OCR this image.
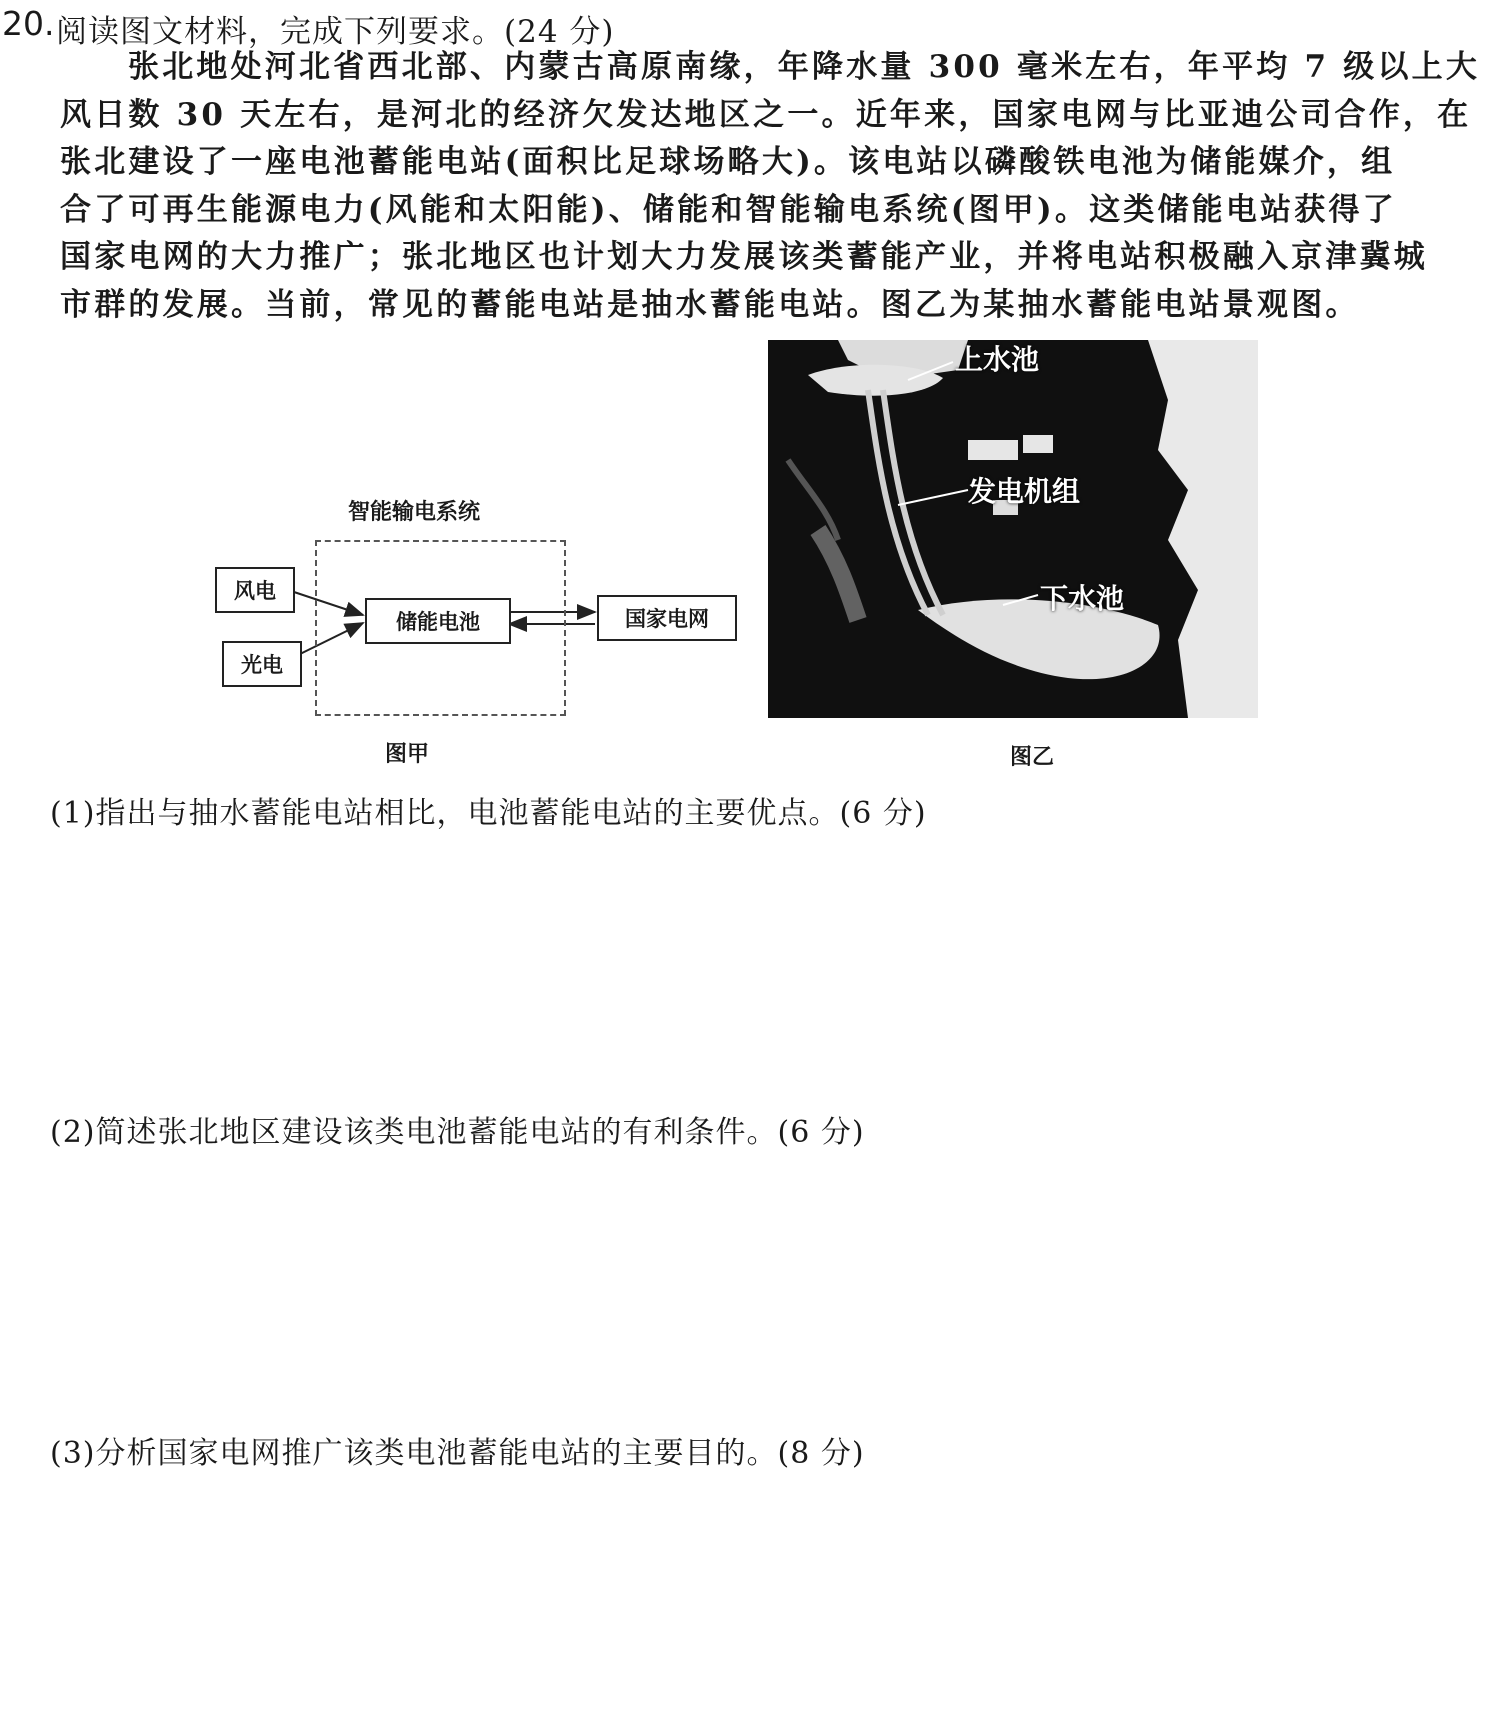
20. 阅读图文材料，完成下列要求。(24 分)

张北地处河北省西北部、内蒙古高原南缘，年降水量 300 毫米左右，年平均 7 级以上大

风日数 30 天左右，是河北的经济欠发达地区之一。近年来，国家电网与比亚迪公司合作，在

张北建设了一座电池蓄能电站(面积比足球场略大)。该电站以磷酸铁电池为储能媒介，组

合了可再生能源电力(风能和太阳能)、储能和智能输电系统(图甲)。这类储能电站获得了

国家电网的大力推广；张北地区也计划大力发展该类蓄能产业，并将电站积极融入京津冀城

市群的发展。当前，常见的蓄能电站是抽水蓄能电站。图乙为某抽水蓄能电站景观图。

智能输电系统
风电
光电
储能电池	国家电网
图甲
上水池
发电机组
下水池
图乙
(1)指出与抽水蓄能电站相比，电池蓄能电站的主要优点。(6 分)
(2)简述张北地区建设该类电池蓄能电站的有利条件。(6 分)
(3)分析国家电网推广该类电池蓄能电站的主要目的。(8 分)
